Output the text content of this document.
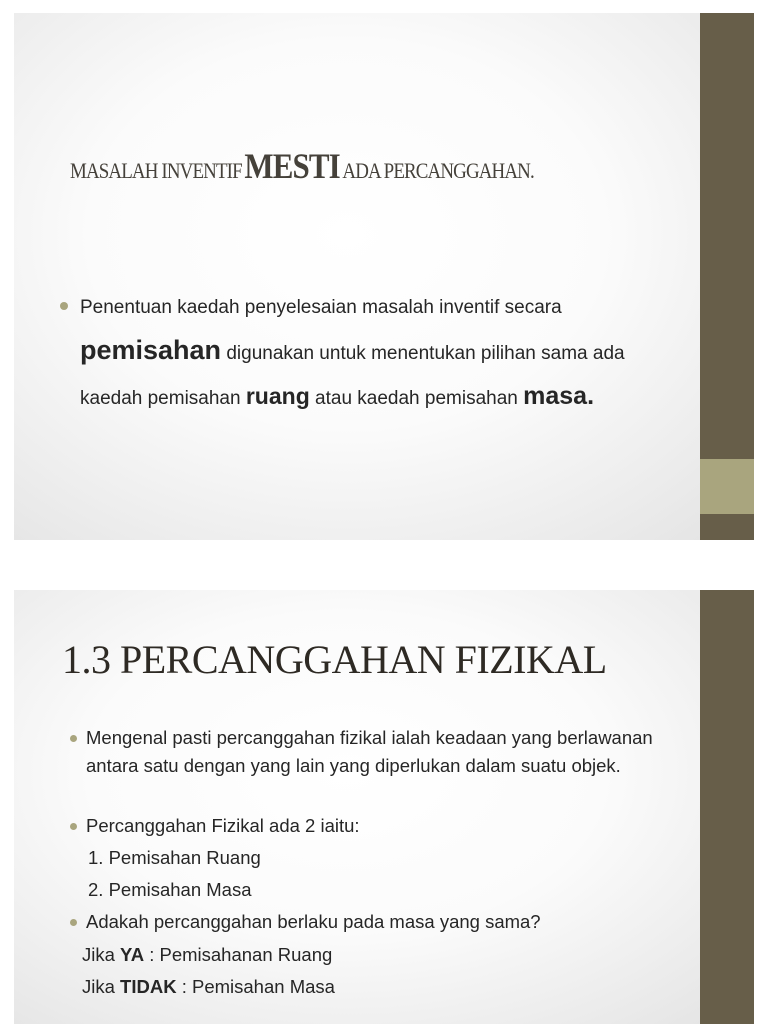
MASALAH INVENTIF MESTI ADA PERCANGGAHAN.
Penentuan kaedah penyelesaian masalah inventif secara pemisahan digunakan untuk menentukan pilihan sama ada kaedah pemisahan ruang atau kaedah pemisahan masa.
1.3 PERCANGGAHAN FIZIKAL
Mengenal pasti percanggahan fizikal ialah keadaan yang berlawanan antara satu dengan yang lain yang diperlukan dalam suatu objek.
Percanggahan Fizikal ada 2 iaitu:
1. Pemisahan Ruang
2. Pemisahan Masa
Adakah percanggahan berlaku pada masa yang sama?
Jika YA : Pemisahanan Ruang
Jika TIDAK : Pemisahan Masa
